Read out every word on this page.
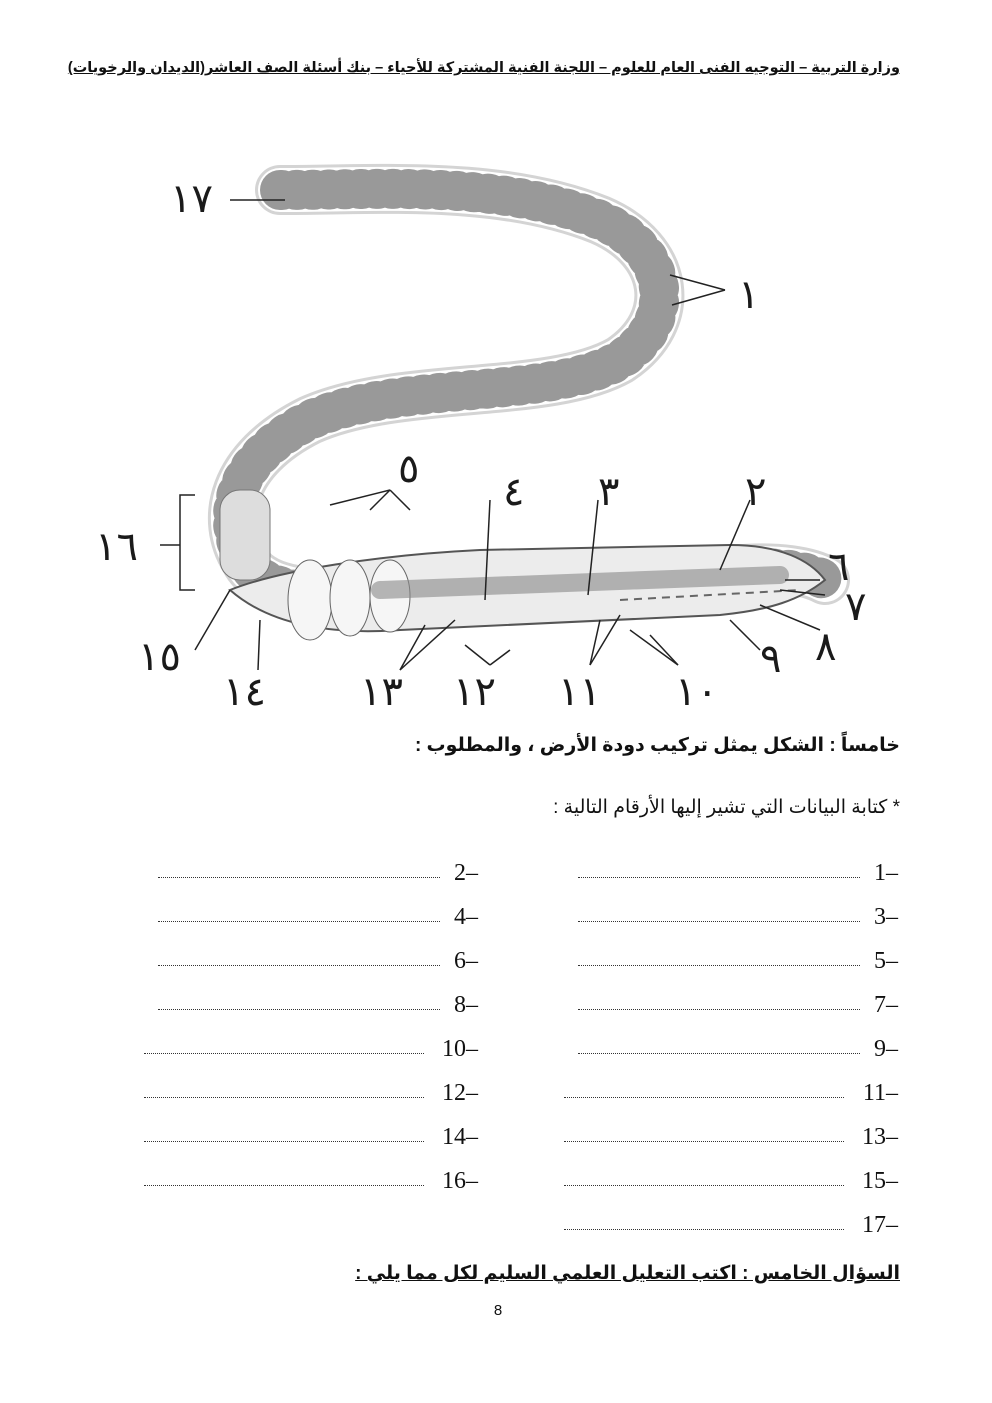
وزارة التربية – التوجيه الفنى العام للعلوم – اللجنة الفنية المشتركة للأحياء – بنك أسئلة الصف العاشر(الديدان والرخويات)
١٧
١
٥ ٤ ٣	٢
٦
٧
٨
٩
١٠
١١
١٢
١٣
١٤
١٥
١٦
خامساً : الشكل يمثل تركيب دودة الأرض ، والمطلوب :
* كتابة البيانات التي تشير إليها الأرقام التالية :
1–
2–
3–
4–
5–
6–
7–
8–
9–
10–
11–
12–
13–
14–
15–
16–
17–
السؤال الخامس : اكتب التعليل العلمي السليم لكل مما يلي :
8
